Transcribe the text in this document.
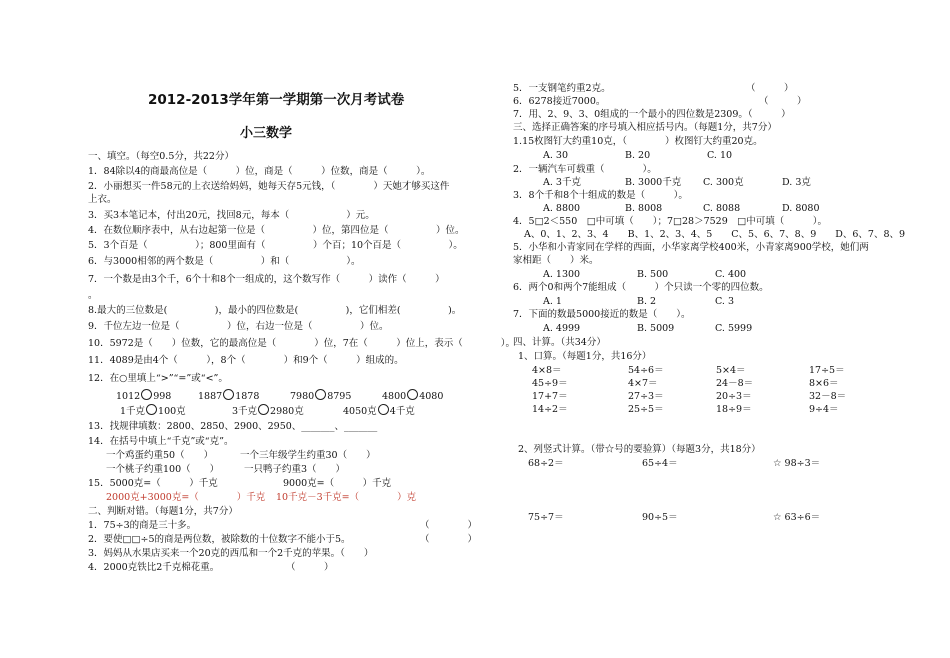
2012-2013学年第一学期第一次月考试卷
小三数学
一、填空。（每空0.5分，共22分）
1．84除以4的商最高位是（　　　）位，商是（　　　）位数，商是（　　　）。
2．小丽想买一件58元的上衣送给妈妈，她每天存5元钱，（　　　　）天她才够买这件
上衣。
3．买3本笔记本，付出20元，找回8元，每本（　　　　　　）元。
4．在数位顺序表中，从右边起第一位是（　　　　　）位，第四位是（　　　　　）位。
5．3个百是（　　　　　）；800里面有（　　　　　）个百；10个百是（　　　　　）。
6．与3000相邻的两个数是（　　　　　）和（　　　　　　）。
7．一个数是由3个千，6个十和8个一组成的，这个数写作（　　　）读作（　　　）
。
8.最大的三位数是(　　　　　)，最小的四位数是(　　　　　)，它们相差(　　　　　)。
9．千位左边一位是（　　　　　）位，右边一位是（　　　　　）位。
10．5972是（　　）位数，它的最高位是（　　　　）位，7在（　　　）位上，表示（　　　　）。
11．4089是由4个（　　　），8个（　　　　）和9个（　　　）组成的。
12．在○里填上“>”“=”或“<”。
1012 998	1887 1878	7980 8795	4800 4080
1千克 100克	3千克 2980克	4050克 4千克
13．找规律填数：2800、2850、2900、2950、_______、_______
14．在括号中填上“千克”或“克”。
一个鸡蛋约重50（　　）	一个三年级学生约重30（　　）
一个桃子约重100（　　）	一只鸭子约重3（　　）
15．5000克=（　　　）千克	9000克=（　　　）千克
2000克+3000克=（　　　　）千克 10千克－3千克=（　　　　）克
二、判断对错。（每题1分，共7分）
1．75÷3的商是三十多。	（　　　　）
2．要使□□÷5的商是两位数，被除数的十位数字不能小于5。	（　　　　）
3．妈妈从水果店买来一个20克的西瓜和一个2千克的苹果。（　　）
4．2000克铁比2千克棉花重。	（　　　）
5．一支钢笔约重2克。	（　　　）
6．6278接近7000。	（　　　）
7．用、2、9、3、0组成的一个最小的四位数是2309。（　　　）
三、选择正确答案的序号填入相应括号内。（每题1分，共7分）
1.15枚图钉大约重10克，（　　　　）枚图钉大约重20克。
A. 30	B. 20	C. 10
2．一辆汽车可载重（　　　　）。
A. 3千克	B. 3000千克 C. 300克	D. 3克
3．8个千和8个十组成的数是（　　　）。
A. 8800	B. 8008	C. 8088	D. 8080
4．5□2＜550　□中可填（　　）；7□28＞7529　□中可填（　　　）。
A、0、1、2、3、4　　B、1、2、3、4、5　　C、5、6、7、8、9　　D、6、7、8、9
5．小华和小青家同在学样的西面，小华家离学校400米，小青家离900学校，她们两
家相距（　　）米。
A. 1300	B. 500	C. 400
6．两个0和两个7能组成（　　　）个只读一个零的四位数。
A. 1	B. 2	C. 3
7．下面的数最5000接近的数是（　　）。
A. 4999	B. 5009	C. 5999
四、计算。（共34分）
1、口算。（每题1分，共16分）
4×8＝	54÷6＝	5×4＝	17÷5＝
45÷9＝	4×7＝	24－8＝	8×6＝
17+7＝	27÷3＝	20÷3＝	32－8＝
14÷2＝	25÷5＝	18÷9＝	9÷4＝
2、列竖式计算。（带☆号的要验算）（每题3分，共18分）
68÷2＝	65÷4＝	☆ 98÷3＝
75÷7＝	90÷5＝	☆ 63÷6＝
